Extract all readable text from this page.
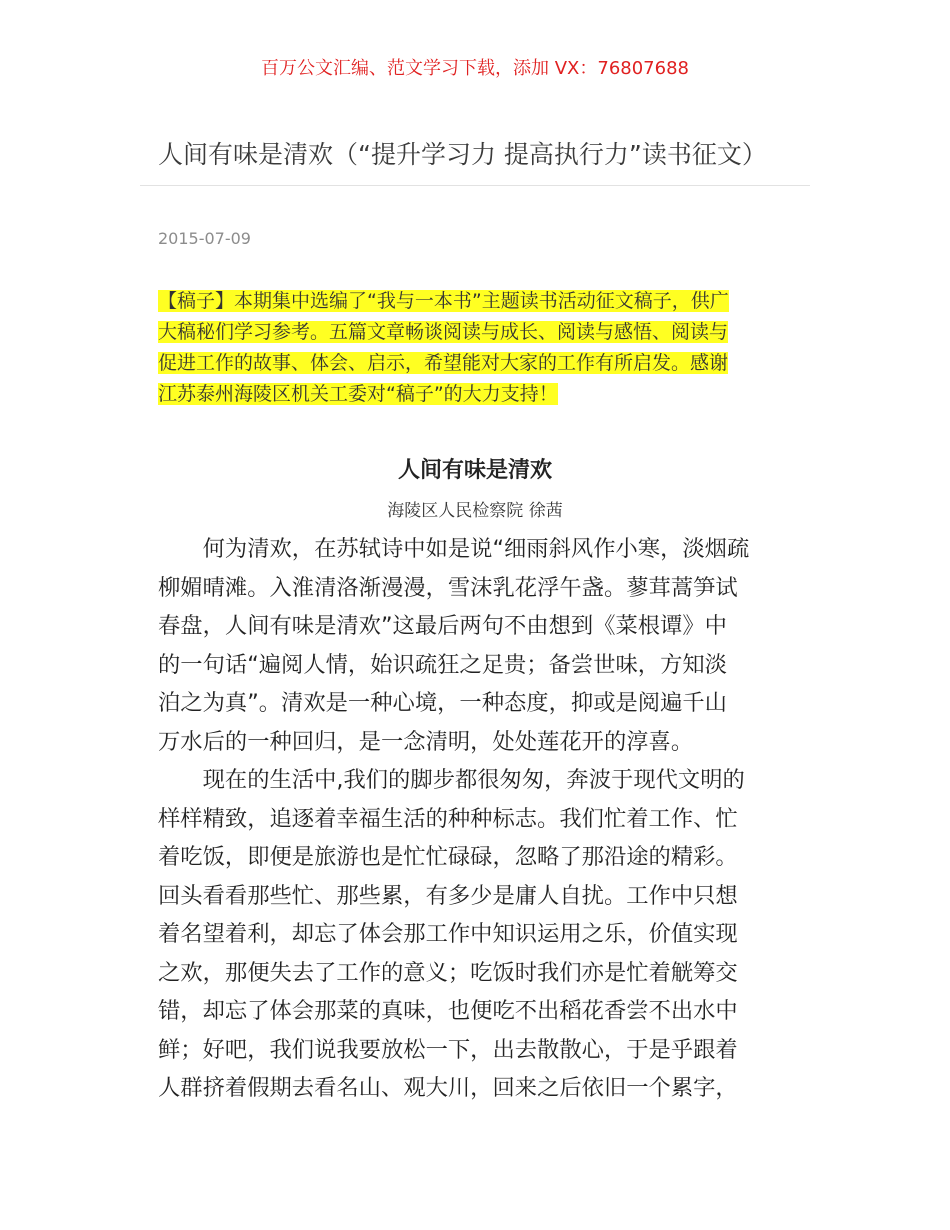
百万公文汇编、范文学习下载，添加 VX：76807688
人间有味是清欢（“提升学习力 提高执行力”读书征文）
2015-07-09
【稿子】本期集中选编了“我与一本书”主题读书活动征文稿子，供广
大稿秘们学习参考。五篇文章畅谈阅读与成长、阅读与感悟、阅读与
促进工作的故事、体会、启示，希望能对大家的工作有所启发。感谢
江苏泰州海陵区机关工委对“稿子”的大力支持！
人间有味是清欢
海陵区人民检察院 徐茜
　　何为清欢，在苏轼诗中如是说“细雨斜风作小寒，淡烟疏
柳媚晴滩。入淮清洛渐漫漫，雪沫乳花浮午盏。蓼茸蒿笋试
春盘，人间有味是清欢”这最后两句不由想到《菜根谭》中
的一句话“遍阅人情，始识疏狂之足贵；备尝世味，方知淡
泊之为真”。清欢是一种心境，一种态度，抑或是阅遍千山
万水后的一种回归，是一念清明，处处莲花开的淳喜。
　　现在的生活中,我们的脚步都很匆匆，奔波于现代文明的
样样精致，追逐着幸福生活的种种标志。我们忙着工作、忙
着吃饭，即便是旅游也是忙忙碌碌，忽略了那沿途的精彩。
回头看看那些忙、那些累，有多少是庸人自扰。工作中只想
着名望着利，却忘了体会那工作中知识运用之乐，价值实现
之欢，那便失去了工作的意义；吃饭时我们亦是忙着觥筹交
错，却忘了体会那菜的真味，也便吃不出稻花香尝不出水中
鲜；好吧，我们说我要放松一下，出去散散心，于是乎跟着
人群挤着假期去看名山、观大川，回来之后依旧一个累字，
